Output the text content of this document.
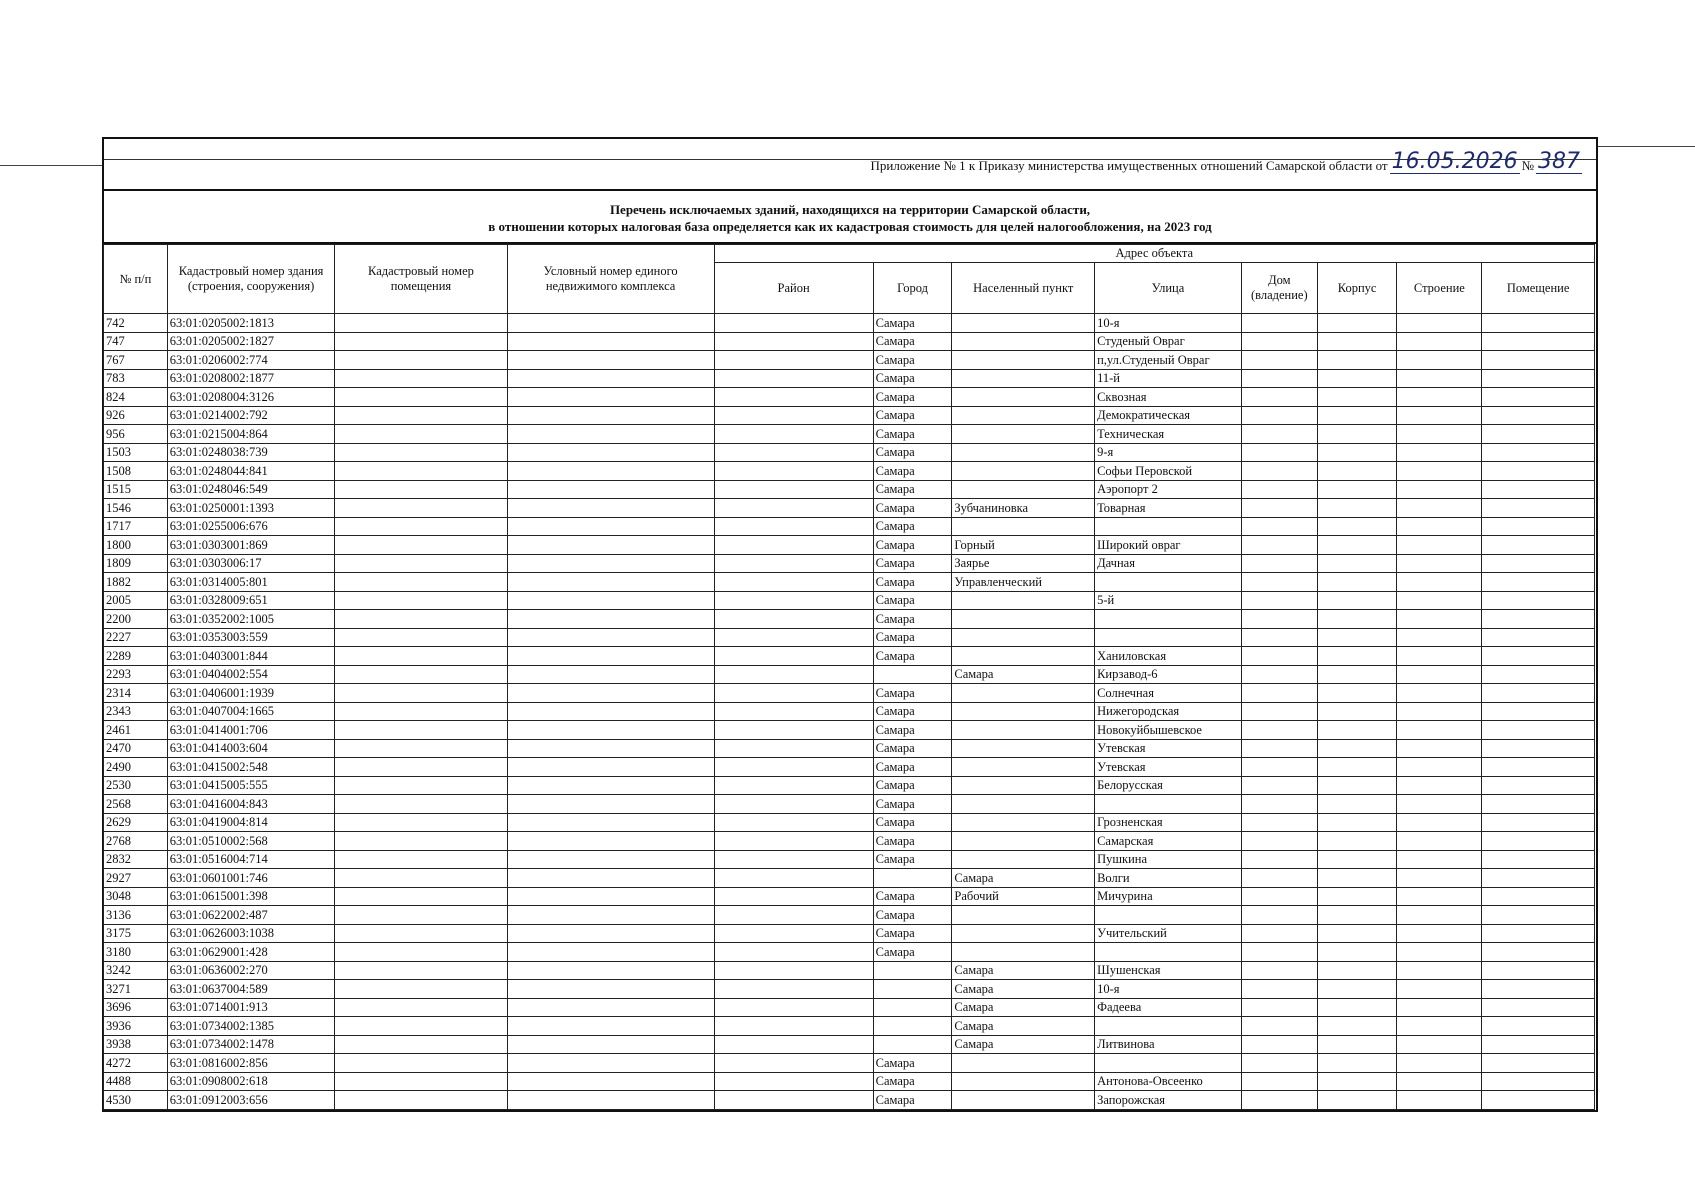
Приложение № 1 к Приказу министерства имущественных отношений Самарской области от 16.05.2026 № 387
Перечень исключаемых зданий, находящихся на территории Самарской области,
в отношении которых налоговая база определяется как их кадастровая стоимость для целей налогообложения, на 2023 год
№ п/п	Кадастровый номер здания (строения, сооружения)	Кадастровый номер помещения	Условный номер единого недвижимого комплекса	Адрес объекта							
				Район	Город	Населенный пункт	Улица	Дом (владение)	Корпус	Строение	Помещение
742	63:01:0205002:1813				Самара		10-я				
747	63:01:0205002:1827				Самара		Студеный Овраг				
767	63:01:0206002:774				Самара		п,ул.Студеный Овраг				
783	63:01:0208002:1877				Самара		11-й				
824	63:01:0208004:3126				Самара		Сквозная				
926	63:01:0214002:792				Самара		Демократическая				
956	63:01:0215004:864				Самара		Техническая				
1503	63:01:0248038:739				Самара		9-я				
1508	63:01:0248044:841				Самара		Софьи Перовской				
1515	63:01:0248046:549				Самара		Аэропорт 2				
1546	63:01:0250001:1393				Самара	Зубчаниновка	Товарная				
1717	63:01:0255006:676				Самара						
1800	63:01:0303001:869				Самара	Горный	Широкий овраг				
1809	63:01:0303006:17				Самара	Заярье	Дачная				
1882	63:01:0314005:801				Самара	Управленческий					
2005	63:01:0328009:651				Самара		5-й				
2200	63:01:0352002:1005				Самара						
2227	63:01:0353003:559				Самара						
2289	63:01:0403001:844				Самара		Ханиловская				
2293	63:01:0404002:554					Самара	Кирзавод-6				
2314	63:01:0406001:1939				Самара		Солнечная				
2343	63:01:0407004:1665				Самара		Нижегородская				
2461	63:01:0414001:706				Самара		Новокуйбышевское				
2470	63:01:0414003:604				Самара		Утевская				
2490	63:01:0415002:548				Самара		Утевская				
2530	63:01:0415005:555				Самара		Белорусская				
2568	63:01:0416004:843				Самара						
2629	63:01:0419004:814				Самара		Грозненская				
2768	63:01:0510002:568				Самара		Самарская				
2832	63:01:0516004:714				Самара		Пушкина				
2927	63:01:0601001:746					Самара	Волги				
3048	63:01:0615001:398				Самара	Рабочий	Мичурина				
3136	63:01:0622002:487				Самара						
3175	63:01:0626003:1038				Самара		Учительский				
3180	63:01:0629001:428				Самара						
3242	63:01:0636002:270					Самара	Шушенская				
3271	63:01:0637004:589					Самара	10-я				
3696	63:01:0714001:913					Самара	Фадеева				
3936	63:01:0734002:1385					Самара					
3938	63:01:0734002:1478					Самара	Литвинова				
4272	63:01:0816002:856				Самара						
4488	63:01:0908002:618				Самара		Антонова-Овсеенко				
4530	63:01:0912003:656				Самара		Запорожская				
